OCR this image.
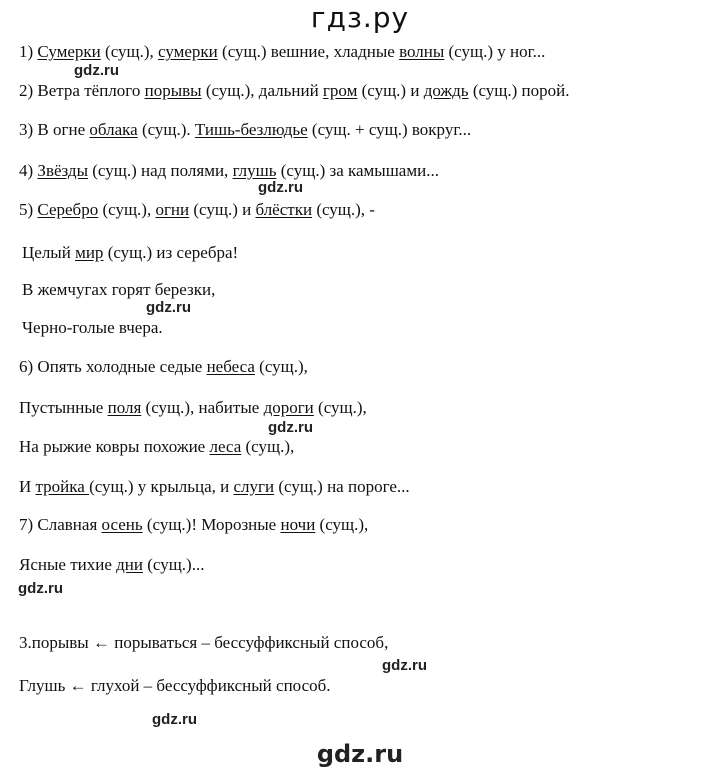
гдз.ру
1) Сумерки (сущ.), сумерки (сущ.) вешние, хладные волны (сущ.) у ног...
2) Ветра тёплого порывы (сущ.), дальний гром (сущ.) и дождь (сущ.) порой.
3) В огне облака (сущ.). Тишь-безлюдье (сущ. + сущ.) вокруг...
4) Звёзды (сущ.) над полями, глушь (сущ.) за камышами...
5) Серебро (сущ.), огни (сущ.) и блёстки (сущ.), -
Целый мир (сущ.) из серебра!
В жемчугах горят березки,
Черно-голые вчера.
6) Опять холодные седые небеса (сущ.),
Пустынные поля (сущ.), набитые дороги (сущ.),
На рыжие ковры похожие леса (сущ.),
И тройка (сущ.) у крыльца, и слуги (сущ.) на пороге...
7) Славная осень (сущ.)! Морозные ночи (сущ.),
Ясные тихие дни (сущ.)...
3.порывы ← порываться – бессуффиксный способ,
Глушь ← глухой – бессуффиксный способ.
gdz.ru
gdz.ru
gdz.ru
gdz.ru
gdz.ru
gdz.ru
gdz.ru
gdz.ru
